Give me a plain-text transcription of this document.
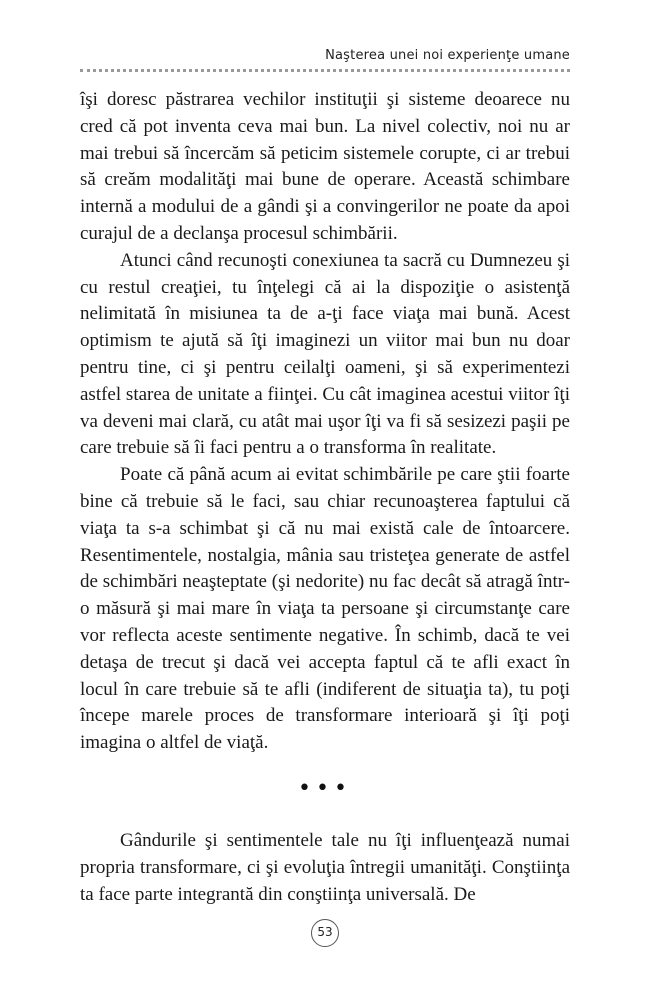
Naşterea unei noi experienţe umane

îşi doresc păstrarea vechilor instituţii şi sisteme deoarece nu cred că pot inventa ceva mai bun. La nivel colectiv, noi nu ar mai trebui să încercăm să peticim sistemele corupte, ci ar trebui să creăm modalităţi mai bune de operare. Această schimbare internă a modului de a gândi şi a convingerilor ne poate da apoi curajul de a declanşa procesul schimbării.

Atunci când recunoşti conexiunea ta sacră cu Dumnezeu şi cu restul creaţiei, tu înţelegi că ai la dispoziţie o asistenţă nelimitată în misiunea ta de a-ţi face viaţa mai bună. Acest optimism te ajută să îţi imaginezi un viitor mai bun nu doar pentru tine, ci şi pentru ceilalţi oameni, şi să experimentezi astfel starea de unitate a fiinţei. Cu cât imaginea acestui viitor îţi va deveni mai clară, cu atât mai uşor îţi va fi să sesizezi paşii pe care trebuie să îi faci pentru a o transforma în realitate.

Poate că până acum ai evitat schimbările pe care ştii foarte bine că trebuie să le faci, sau chiar recunoaşterea faptului că viaţa ta s-a schimbat şi că nu mai există cale de întoarcere. Resentimentele, nostalgia, mânia sau tristeţea generate de astfel de schimbări neaşteptate (şi nedorite) nu fac decât să atragă într-o măsură şi mai mare în viaţa ta persoane şi circumstanţe care vor reflecta aceste sentimente negative. În schimb, dacă te vei detaşa de trecut şi dacă vei accepta faptul că te afli exact în locul în care trebuie să te afli (indiferent de situaţia ta), tu poţi începe marele proces de transformare interioară şi îţi poţi imagina o altfel de viaţă.

•••

Gândurile şi sentimentele tale nu îţi influenţează numai propria transformare, ci şi evoluţia întregii umanităţi. Conştiinţa ta face parte integrantă din conştiinţa universală. De

53
